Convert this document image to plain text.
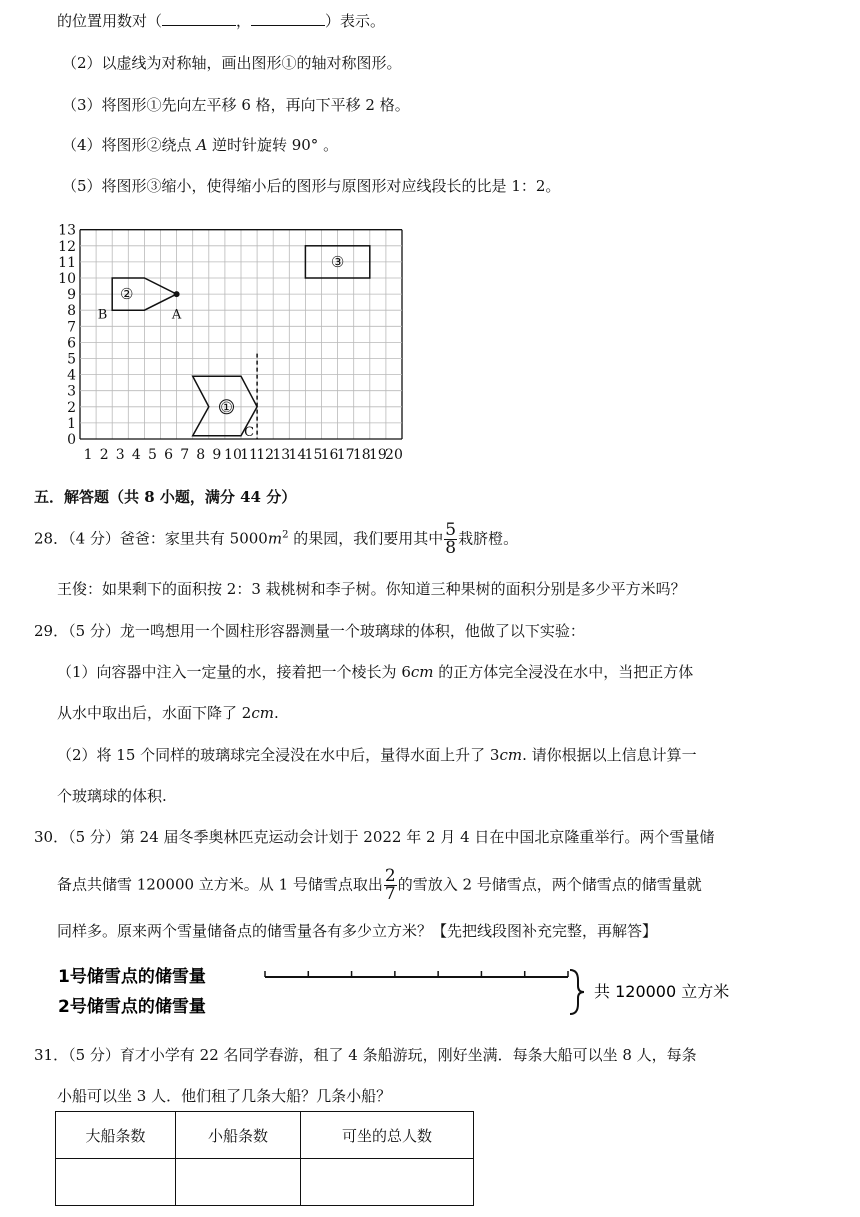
的位置用数对（	，	）表示。
（2）以虚线为对称轴，画出图形①的轴对称图形。
（3）将图形①先向左平移 6 格，再向下平移 2 格。
（4）将图形②绕点 A 逆时针旋转 90° 。
（5）将图形③缩小，使得缩小后的图形与原图形对应线段长的比是 1：2。
0
1
2
3
4
5
6
7
8
9
10
11
12
13
1 2 3 4 5 6 7 8 9 10
11
12
13
14
15
16
17
18
19
20
①
②
A
B
③
C
五．解答题（共 8 小题，满分 44 分）
28．（4 分）爸爸：家里共有 $5000m^2$ 的果园，我们要用其中 $\frac{5}{8}$ 栽脐橙。
王俊：如果剩下的面积按 2：3 栽桃树和李子树。你知道三种果树的面积分别是多少平方米吗？
29．（5 分）龙一鸣想用一个圆柱形容器测量一个玻璃球的体积，他做了以下实验：
（1）向容器中注入一定量的水，接着把一个棱长为 6cm 的正方体完全浸没在水中，当把正方体
从水中取出后，水面下降了 2cm.
（2）将 15 个同样的玻璃球完全浸没在水中后，量得水面上升了 3cm. 请你根据以上信息计算一
个玻璃球的体积.
30．（5 分）第 24 届冬季奥林匹克运动会计划于 2022 年 2 月 4 日在中国北京隆重举行。两个雪量储
备点共储雪 120000 立方米。从 1 号储雪点取出 $\frac{2}{7}$ 的雪放入 2 号储雪点，两个储雪点的储雪量就
同样多。原来两个雪量储备点的储雪量各有多少立方米？【先把线段图补充完整，再解答】
1号储雪点的储雪量
2号储雪点的储雪量
共 120000 立方米
31．（5 分）育才小学有 22 名同学春游，租了 4 条船游玩，刚好坐满．每条大船可以坐 8 人，每条
小船可以坐 3 人．他们租了几条大船？几条小船？
大船条数	小船条数	可坐的总人数
